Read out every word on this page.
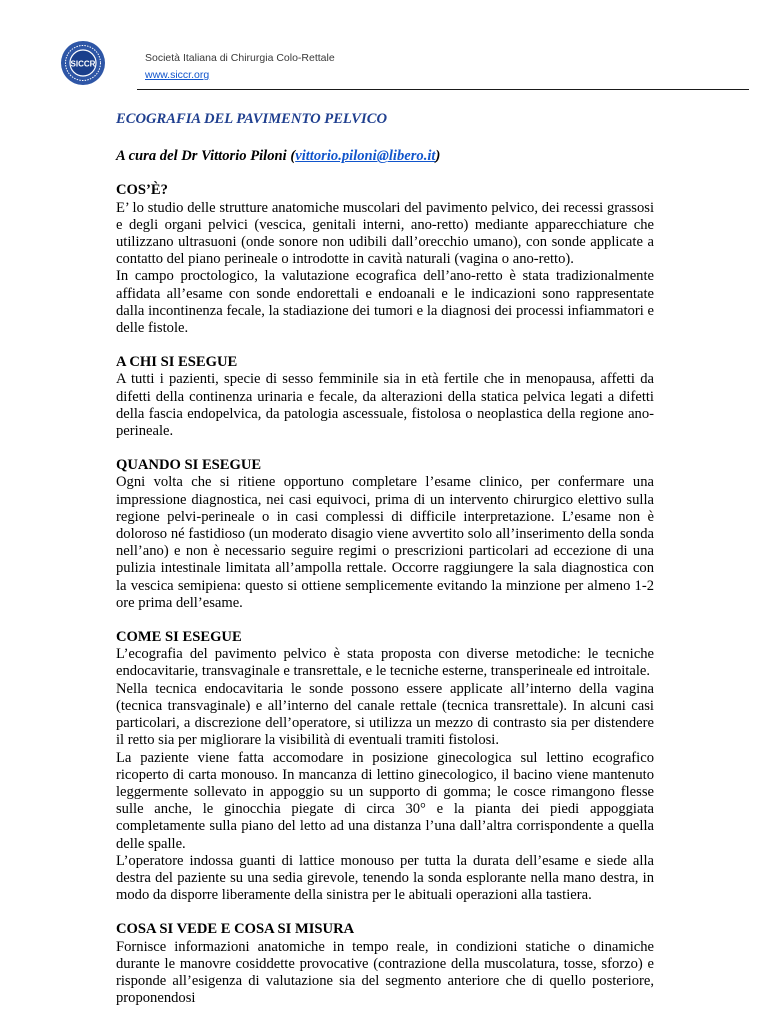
SICCR	Società Italiana di Chirurgia Colo-Rettale
www.siccr.org
ECOGRAFIA DEL PAVIMENTO PELVICO
A cura del Dr Vittorio Piloni (vittorio.piloni@libero.it)
COS’È?

E’ lo studio delle strutture anatomiche muscolari del pavimento pelvico, dei recessi grassosi e degli organi pelvici (vescica, genitali interni, ano-retto) mediante apparecchiature che utilizzano ultrasuoni (onde sonore non udibili dall’orecchio umano), con sonde applicate a contatto del piano perineale o introdotte in cavità naturali (vagina o ano-retto).

In campo proctologico, la valutazione ecografica dell’ano-retto è stata tradizionalmente affidata all’esame con sonde endorettali e endoanali e le indicazioni sono rappresentate dalla incontinenza fecale, la stadiazione dei tumori e la diagnosi dei processi infiammatori e delle fistole.

A CHI SI ESEGUE

A tutti i pazienti, specie di sesso femminile sia in età fertile che in menopausa, affetti da difetti della continenza urinaria e fecale, da alterazioni della statica pelvica legati a difetti della fascia endopelvica, da patologia ascessuale, fistolosa o neoplastica della regione ano-perineale.

QUANDO SI ESEGUE

Ogni volta che si ritiene opportuno completare l’esame clinico, per confermare una impressione diagnostica, nei casi equivoci, prima di un intervento chirurgico elettivo sulla regione pelvi-perineale o in casi complessi di difficile interpretazione. L’esame non è doloroso né fastidioso (un moderato disagio viene avvertito solo all’inserimento della sonda nell’ano) e non è necessario seguire regimi o prescrizioni particolari ad eccezione di una pulizia intestinale limitata all’ampolla rettale. Occorre raggiungere la sala diagnostica con la vescica semipiena: questo si ottiene semplicemente evitando la minzione per almeno 1-2 ore prima dell’esame.

COME SI ESEGUE

L’ecografia del pavimento pelvico è stata proposta con diverse metodiche: le tecniche endocavitarie, transvaginale e transrettale, e le tecniche esterne, transperineale ed introitale.

Nella tecnica endocavitaria le sonde possono essere applicate all’interno della vagina (tecnica transvaginale) e all’interno del canale rettale (tecnica transrettale). In alcuni casi particolari, a discrezione dell’operatore, si utilizza un mezzo di contrasto sia per distendere il retto sia per migliorare la visibilità di eventuali tramiti fistolosi.

La paziente viene fatta accomodare in posizione ginecologica sul lettino ecografico ricoperto di carta monouso. In mancanza di lettino ginecologico, il bacino viene mantenuto leggermente sollevato in appoggio su un supporto di gomma; le cosce rimangono flesse sulle anche, le ginocchia piegate di circa 30° e la pianta dei piedi appoggiata completamente sulla piano del letto ad una distanza l’una dall’altra corrispondente a quella delle spalle.

L’operatore indossa guanti di lattice monouso per tutta la durata dell’esame e siede alla destra del paziente su una sedia girevole, tenendo la sonda esplorante nella mano destra, in modo da disporre liberamente della sinistra per le abituali operazioni alla tastiera.

COSA SI VEDE E COSA SI MISURA

Fornisce informazioni anatomiche in tempo reale, in condizioni statiche o dinamiche durante le manovre cosiddette provocative (contrazione della muscolatura, tosse, sforzo) e risponde all’esigenza di valutazione sia del segmento anteriore che di quello posteriore, proponendosi
